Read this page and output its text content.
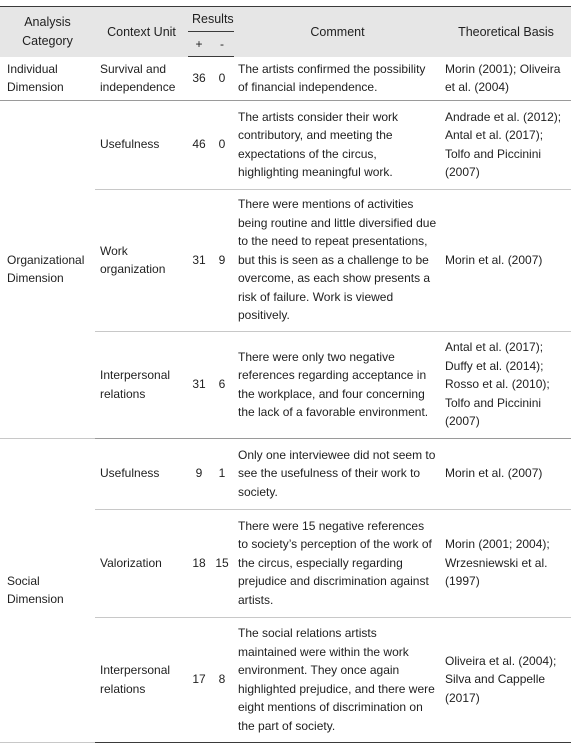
Analysis Category	Context Unit	Results		Comment	Theoretical Basis
		+	-		
Individual Dimension	Survival and independence	36	0	The artists confirmed the possibility of financial independence.	Morin (2001); Oliveira et al. (2004)
Organizational Dimension	Usefulness	46	0	The artists consider their work contributory, and meeting the expectations of the circus, highlighting meaningful work.	Andrade et al. (2012); Antal et al. (2017); Tolfo and Piccinini (2007)
	Work organization	31	9	There were mentions of activities being routine and little diversified due to the need to repeat presentations, but this is seen as a challenge to be overcome, as each show presents a risk of failure. Work is viewed positively.	Morin et al. (2007)
	Interpersonal relations	31	6	There were only two negative references regarding acceptance in the workplace, and four concerning the lack of a favorable environment.	Antal et al. (2017); Duffy et al. (2014); Rosso et al. (2010); Tolfo and Piccinini (2007)
Social Dimension	Usefulness	9	1	Only one interviewee did not seem to see the usefulness of their work to society.	Morin et al. (2007)
	Valorization	18	15	There were 15 negative references to society’s perception of the work of the circus, especially regarding prejudice and discrimination against artists.	Morin (2001; 2004); Wrzesniewski et al. (1997)
	Interpersonal relations	17	8	The social relations artists maintained were within the work environment. They once again highlighted prejudice, and there were eight mentions of discrimination on the part of society.	Oliveira et al. (2004); Silva and Cappelle (2017)
